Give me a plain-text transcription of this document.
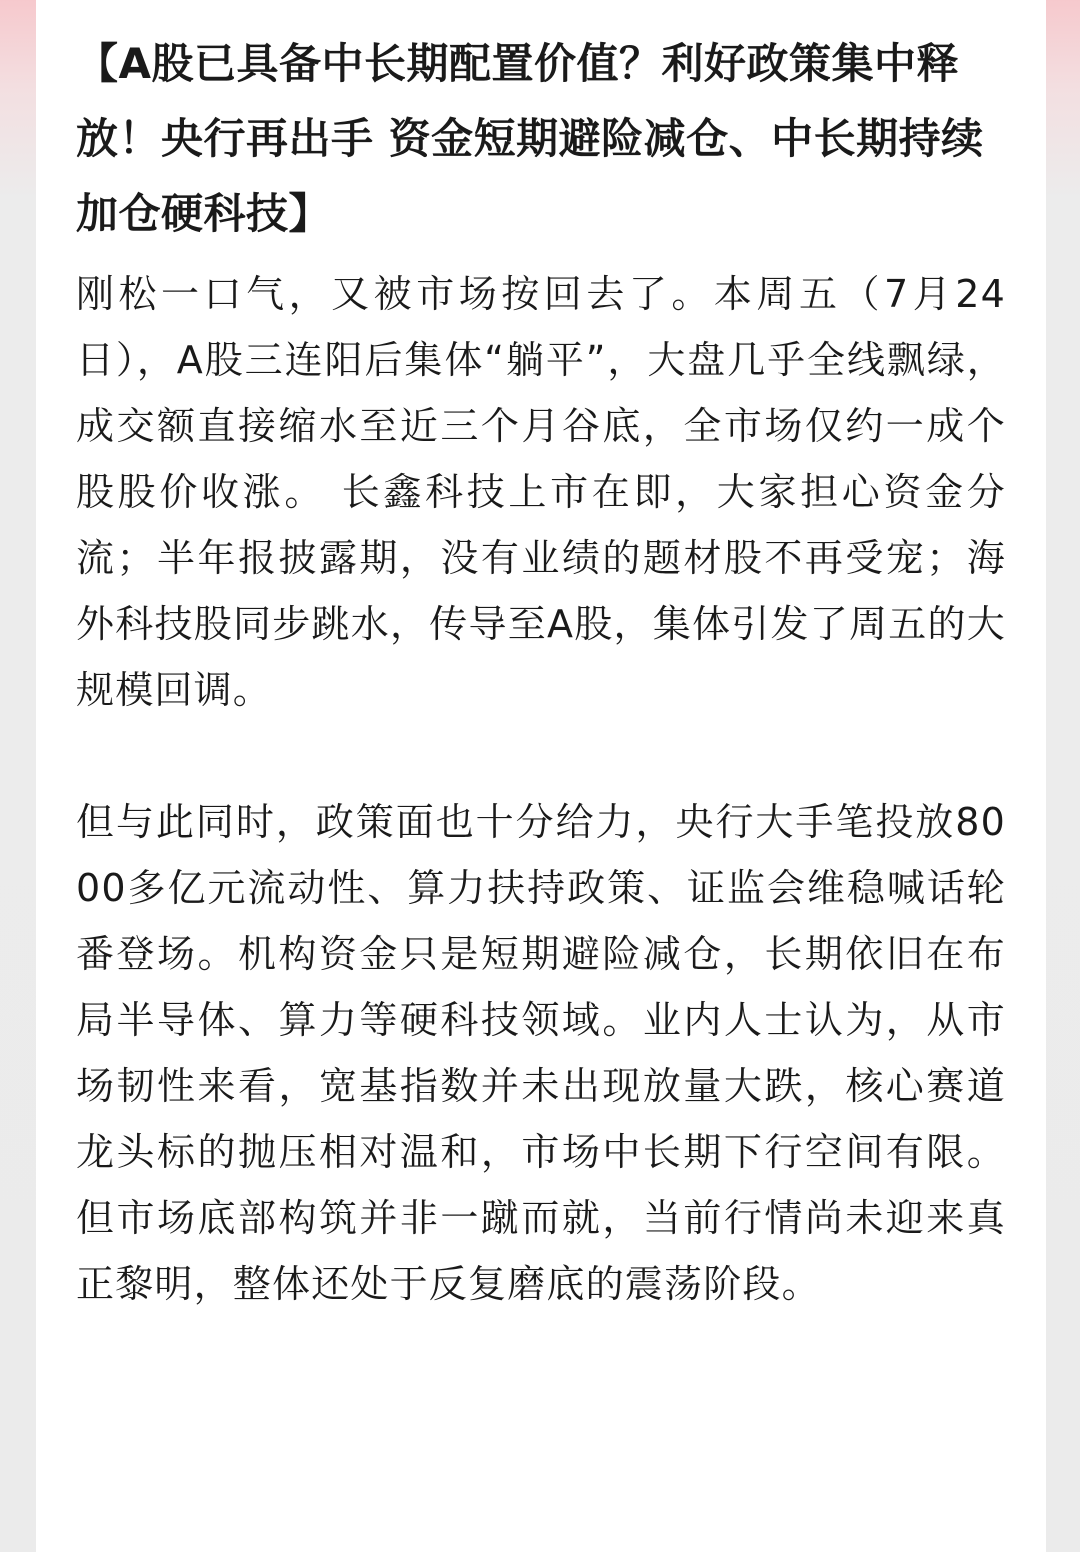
【A股已具备中长期配置价值？利好政策集中释放！央行再出手 资金短期避险减仓、中长期持续加仓硬科技】

刚松一口气，又被市场按回去了。本周五（7月24日），A股三连阳后集体“躺平”，大盘几乎全线飘绿，成交额直接缩水至近三个月谷底，全市场仅约一成个股股价收涨。 长鑫科技上市在即，大家担心资金分流；半年报披露期，没有业绩的题材股不再受宠；海外科技股同步跳水，传导至A股，集体引发了周五的大规模回调。

但与此同时，政策面也十分给力，央行大手笔投放8000多亿元流动性、算力扶持政策、证监会维稳喊话轮番登场。机构资金只是短期避险减仓，长期依旧在布局半导体、算力等硬科技领域。业内人士认为，从市场韧性来看，宽基指数并未出现放量大跌，核心赛道龙头标的抛压相对温和，市场中长期下行空间有限。但市场底部构筑并非一蹴而就，当前行情尚未迎来真正黎明，整体还处于反复磨底的震荡阶段。
